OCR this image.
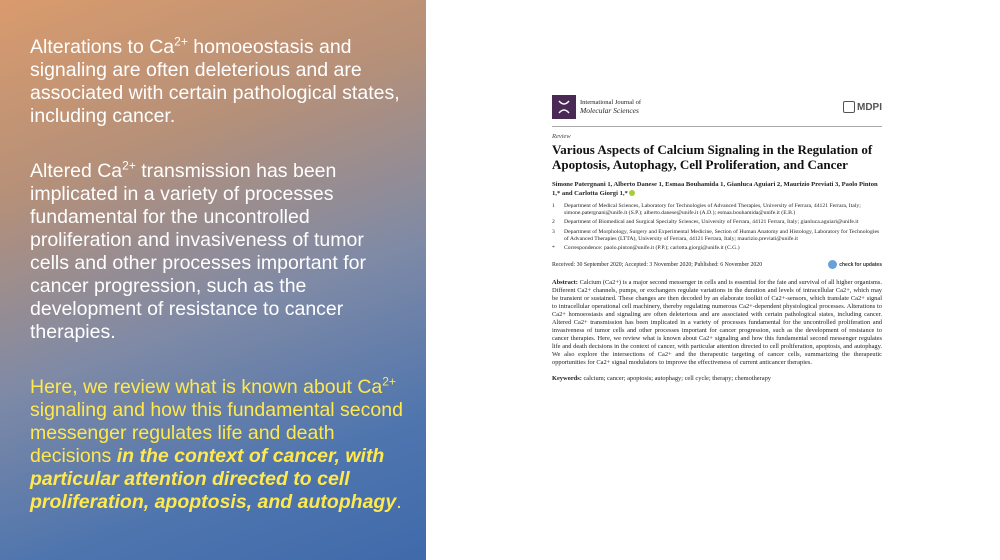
Alterations to $Ca^{2+}$ homoeostasis and signaling are often deleterious and are associated with certain pathological states, including cancer.

Altered $Ca^{2+}$ transmission has been implicated in a variety of processes fundamental for the uncontrolled proliferation and invasiveness of tumor cells and other processes important for cancer progression, such as the development of resistance to cancer therapies.

Here, we review what is known about $Ca^{2+}$ signaling and how this fundamental second messenger regulates life and death decisions in the context of cancer, with particular attention directed to cell proliferation, apoptosis, and autophagy.

International Journal of
Molecular Sciences	MDPI
Review
Various Aspects of Calcium Signaling in the Regulation of Apoptosis, Autophagy, Cell Proliferation, and Cancer
Simone Patergnani 1, Alberto Danese 1, Esmaa Bouhamida 1, Gianluca Aguiari 2, Maurizio Previati 3, Paolo Pinton 1,* and Carlotta Giorgi 1,*
1	Department of Medical Sciences, Laboratory for Technologies of Advanced Therapies, University of Ferrara, 44121 Ferrara, Italy; simone.patergnani@unife.it (S.P.); alberto.danese@unife.it (A.D.); esmaa.bouhamida@unife.it (E.B.)
2	Department of Biomedical and Surgical Specialty Sciences, University of Ferrara, 44121 Ferrara, Italy; gianluca.aguiari@unife.it
3	Department of Morphology, Surgery and Experimental Medicine, Section of Human Anatomy and Histology, Laboratory for Technologies of Advanced Therapies (LTTA), University of Ferrara, 44121 Ferrara, Italy; maurizio.previati@unife.it
*	Correspondence: paolo.pinton@unife.it (P.P.); carlotta.giorgi@unife.it (C.G.)
Received: 30 September 2020; Accepted: 3 November 2020; Published: 6 November 2020	check for updates
Abstract: Calcium (Ca2+) is a major second messenger in cells and is essential for the fate and survival of all higher organisms. Different Ca2+ channels, pumps, or exchangers regulate variations in the duration and levels of intracellular Ca2+, which may be transient or sustained. These changes are then decoded by an elaborate toolkit of Ca2+-sensors, which translate Ca2+ signal to intracellular operational cell machinery, thereby regulating numerous Ca2+-dependent physiological processes. Alterations to Ca2+ homoeostasis and signaling are often deleterious and are associated with certain pathological states, including cancer. Altered Ca2+ transmission has been implicated in a variety of processes fundamental for the uncontrolled proliferation and invasiveness of tumor cells and other processes important for cancer progression, such as the development of resistance to cancer therapies. Here, we review what is known about Ca2+ signaling and how this fundamental second messenger regulates life and death decisions in the context of cancer, with particular attention directed to cell proliferation, apoptosis, and autophagy. We also explore the intersections of Ca2+ and the therapeutic targeting of cancer cells, summarizing the therapeutic opportunities for Ca2+ signal modulators to improve the effectiveness of current anticancer therapies.
Keywords: calcium; cancer; apoptosis; autophagy; cell cycle; therapy; chemotherapy
